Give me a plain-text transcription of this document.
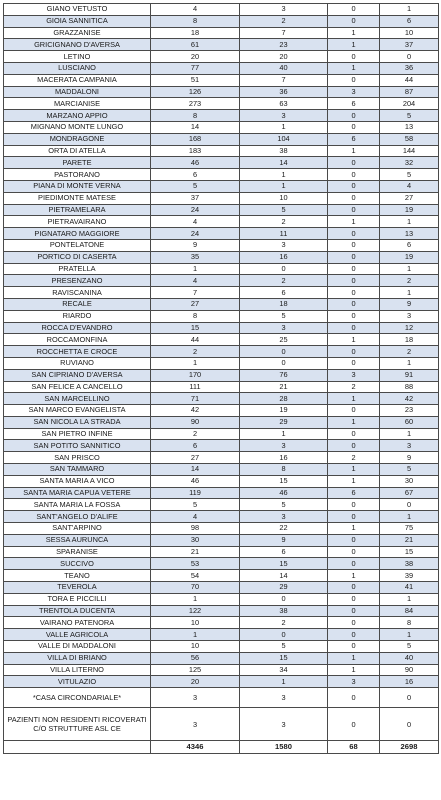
GIANO VETUSTO	4	3	0	1
GIOIA SANNITICA	8	2	0	6
GRAZZANISE	18	7	1	10
GRICIGNANO D'AVERSA	61	23	1	37
LETINO	20	20	0	0
LUSCIANO	77	40	1	36
MACERATA CAMPANIA	51	7	0	44
MADDALONI	126	36	3	87
MARCIANISE	273	63	6	204
MARZANO APPIO	8	3	0	5
MIGNANO MONTE LUNGO	14	1	0	13
MONDRAGONE	168	104	6	58
ORTA DI ATELLA	183	38	1	144
PARETE	46	14	0	32
PASTORANO	6	1	0	5
PIANA DI MONTE VERNA	5	1	0	4
PIEDIMONTE MATESE	37	10	0	27
PIETRAMELARA	24	5	0	19
PIETRAVAIRANO	4	2	1	1
PIGNATARO MAGGIORE	24	11	0	13
PONTELATONE	9	3	0	6
PORTICO DI CASERTA	35	16	0	19
PRATELLA	1	0	0	1
PRESENZANO	4	2	0	2
RAVISCANINA	7	6	0	1
RECALE	27	18	0	9
RIARDO	8	5	0	3
ROCCA D'EVANDRO	15	3	0	12
ROCCAMONFINA	44	25	1	18
ROCCHETTA E CROCE	2	0	0	2
RUVIANO	1	0	0	1
SAN CIPRIANO D'AVERSA	170	76	3	91
SAN FELICE A CANCELLO	111	21	2	88
SAN MARCELLINO	71	28	1	42
SAN MARCO EVANGELISTA	42	19	0	23
SAN NICOLA LA STRADA	90	29	1	60
SAN PIETRO INFINE	2	1	0	1
SAN POTITO SANNITICO	6	3	0	3
SAN PRISCO	27	16	2	9
SAN TAMMARO	14	8	1	5
SANTA MARIA A VICO	46	15	1	30
SANTA MARIA CAPUA VETERE	119	46	6	67
SANTA MARIA LA FOSSA	5	5	0	0
SANT'ANGELO D'ALIFE	4	3	0	1
SANT'ARPINO	98	22	1	75
SESSA AURUNCA	30	9	0	21
SPARANISE	21	6	0	15
SUCCIVO	53	15	0	38
TEANO	54	14	1	39
TEVEROLA	70	29	0	41
TORA E PICCILLI	1	0	0	1
TRENTOLA DUCENTA	122	38	0	84
VAIRANO PATENORA	10	2	0	8
VALLE AGRICOLA	1	0	0	1
VALLE DI MADDALONI	10	5	0	5
VILLA DI BRIANO	56	15	1	40
VILLA LITERNO	125	34	1	90
VITULAZIO	20	1	3	16
*CASA CIRCONDARIALE*	3	3	0	0
PAZIENTI NON RESIDENTI RICOVERATI C/O STRUTTURE ASL CE	3	3	0	0
	4346	1580	68	2698
